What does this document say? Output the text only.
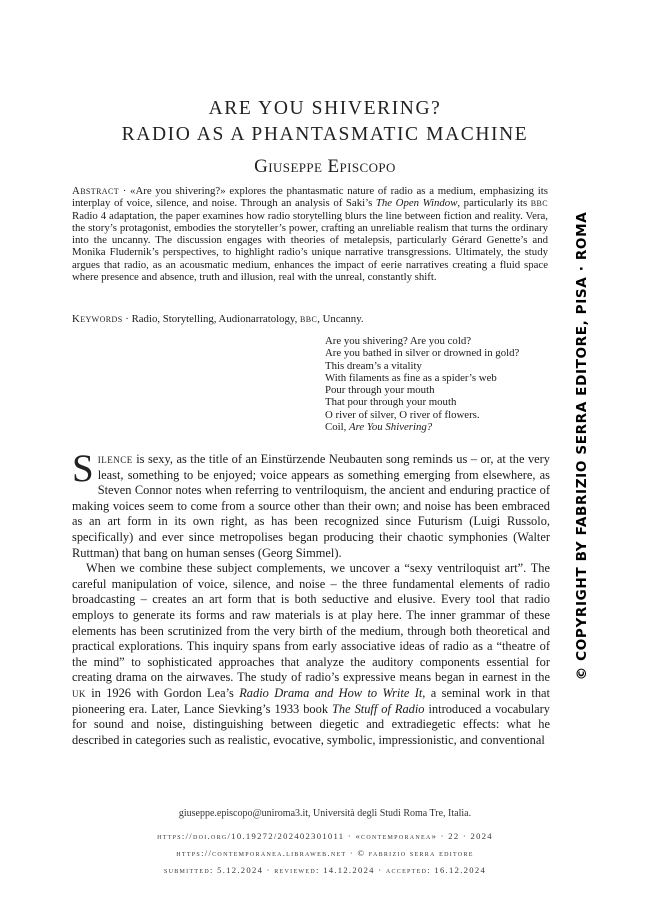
ARE YOU SHIVERING?
RADIO AS A PHANTASMATIC MACHINE
Giuseppe Episcopo
Abstract · «Are you shivering?» explores the phantasmatic nature of radio as a medium, emphasizing its interplay of voice, silence, and noise. Through an analysis of Saki’s The Open Window, particularly its bbc Radio 4 adaptation, the paper examines how radio storytelling blurs the line between fiction and reality. Vera, the story’s protagonist, embodies the storyteller’s power, crafting an unreliable realism that turns the ordinary into the uncanny. The discussion engages with theories of metalepsis, particularly Gérard Genette’s and Monika Fludernik’s perspectives, to highlight radio’s unique narrative transgressions. Ultimately, the study argues that radio, as an acousmatic medium, enhances the impact of eerie narratives creating a fluid space where presence and absence, truth and illusion, real with the unreal, constantly shift.
Keywords · Radio, Storytelling, Audionarratology, bbc, Uncanny.
Are you shivering? Are you cold?
Are you bathed in silver or drowned in gold?
This dream’s a vitality
With filaments as fine as a spider’s web
Pour through your mouth
That pour through your mouth
O river of silver, O river of flowers.
Coil, Are You Shivering?

Silence is sexy, as the title of an Einstürzende Neubauten song reminds us – or, at the very least, something to be enjoyed; voice appears as something emerging from elsewhere, as Steven Connor notes when referring to ventriloquism, the ancient and enduring practice of making voices seem to come from a source other than their own; and noise has been embraced as an art form in its own right, as has been recognized since Futurism (Luigi Russolo, specifically) and ever since metropolises began producing their chaotic symphonies (Walter Ruttman) that bang on human senses (Georg Simmel).

When we combine these subject complements, we uncover a “sexy ventriloquist art”. The careful manipulation of voice, silence, and noise – the three fundamental elements of radio broadcasting – creates an art form that is both seductive and elusive. Every tool that radio employs to generate its forms and raw materials is at play here. The inner grammar of these elements has been scrutinized from the very birth of the medium, through both theoretical and practical explorations. This inquiry spans from early associative ideas of radio as a “theatre of the mind” to sophisticated approaches that analyze the auditory components essential for creating drama on the airwaves. The study of radio’s expressive means began in earnest in the uk in 1926 with Gordon Lea’s Radio Drama and How to Write It, a seminal work in that pioneering era. Later, Lance Sievking’s 1933 book The Stuff of Radio introduced a vocabulary for sound and noise, distinguishing between diegetic and extradiegetic effects: what he described in categories such as realistic, evocative, symbolic, impressionistic, and conventional

giuseppe.episcopo@uniroma3.it, Università degli Studi Roma Tre, Italia.
https://doi.org/10.19272/202402301011 · «contemporanea» · 22 · 2024
https://contemporanea.libraweb.net · © fabrizio serra editore
submitted: 5.12.2024 · reviewed: 14.12.2024 · accepted: 16.12.2024
© COPYRIGHT BY FABRIZIO SERRA EDITORE, PISA · ROMA
